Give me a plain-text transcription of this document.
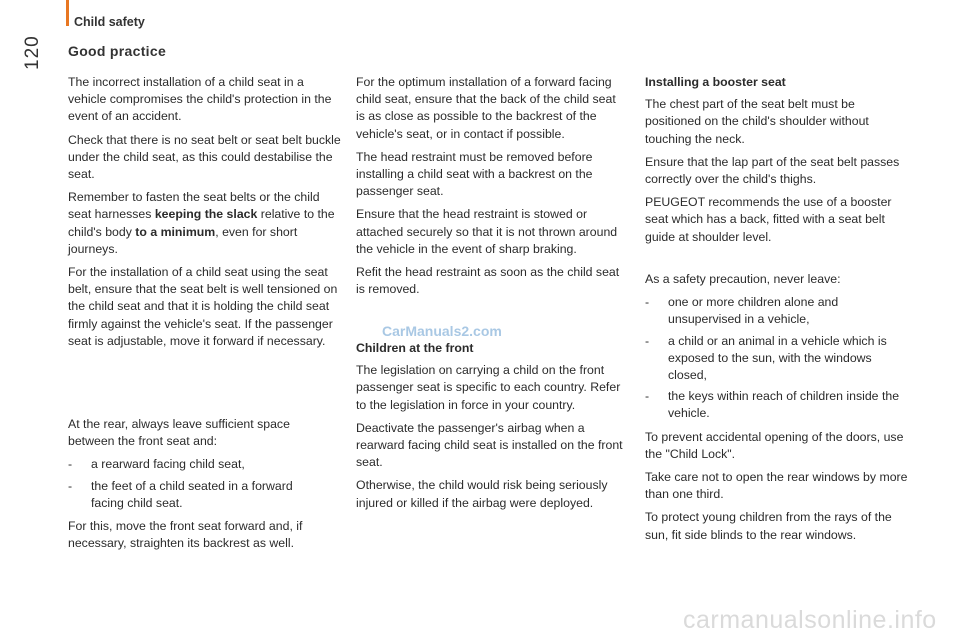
Child safety
120 Good practice

The incorrect installation of a child seat in a vehicle compromises the child's protection in the event of an accident.

Check that there is no seat belt or seat belt buckle under the child seat, as this could destabilise the seat.

Remember to fasten the seat belts or the child seat harnesses keeping the slack relative to the child's body to a minimum, even for short journeys.

For the installation of a child seat using the seat belt, ensure that the seat belt is well tensioned on the child seat and that it is holding the child seat firmly against the vehicle's seat. If the passenger seat is adjustable, move it forward if necessary.

At the rear, always leave sufficient space between the front seat and:

- a rearward facing child seat,
- the feet of a child seated in a forward facing child seat.

For this, move the front seat forward and, if necessary, straighten its backrest as well.

For the optimum installation of a forward facing child seat, ensure that the back of the child seat is as close as possible to the backrest of the vehicle's seat, or in contact if possible.

The head restraint must be removed before installing a child seat with a backrest on the passenger seat.

Ensure that the head restraint is stowed or attached securely so that it is not thrown around the vehicle in the event of sharp braking.

Refit the head restraint as soon as the child seat is removed.

CarManuals2.com

Children at the front

The legislation on carrying a child on the front passenger seat is specific to each country. Refer to the legislation in force in your country.

Deactivate the passenger's airbag when a rearward facing child seat is installed on the front seat.

Otherwise, the child would risk being seriously injured or killed if the airbag were deployed.

Installing a booster seat

The chest part of the seat belt must be positioned on the child's shoulder without touching the neck.

Ensure that the lap part of the seat belt passes correctly over the child's thighs.

PEUGEOT recommends the use of a booster seat which has a back, fitted with a seat belt guide at shoulder level.

As a safety precaution, never leave:

- one or more children alone and unsupervised in a vehicle,
- a child or an animal in a vehicle which is exposed to the sun, with the windows closed,
- the keys within reach of children inside the vehicle.

To prevent accidental opening of the doors, use the "Child Lock".

Take care not to open the rear windows by more than one third.

To protect young children from the rays of the sun, fit side blinds to the rear windows.

carmanualsonline.info
